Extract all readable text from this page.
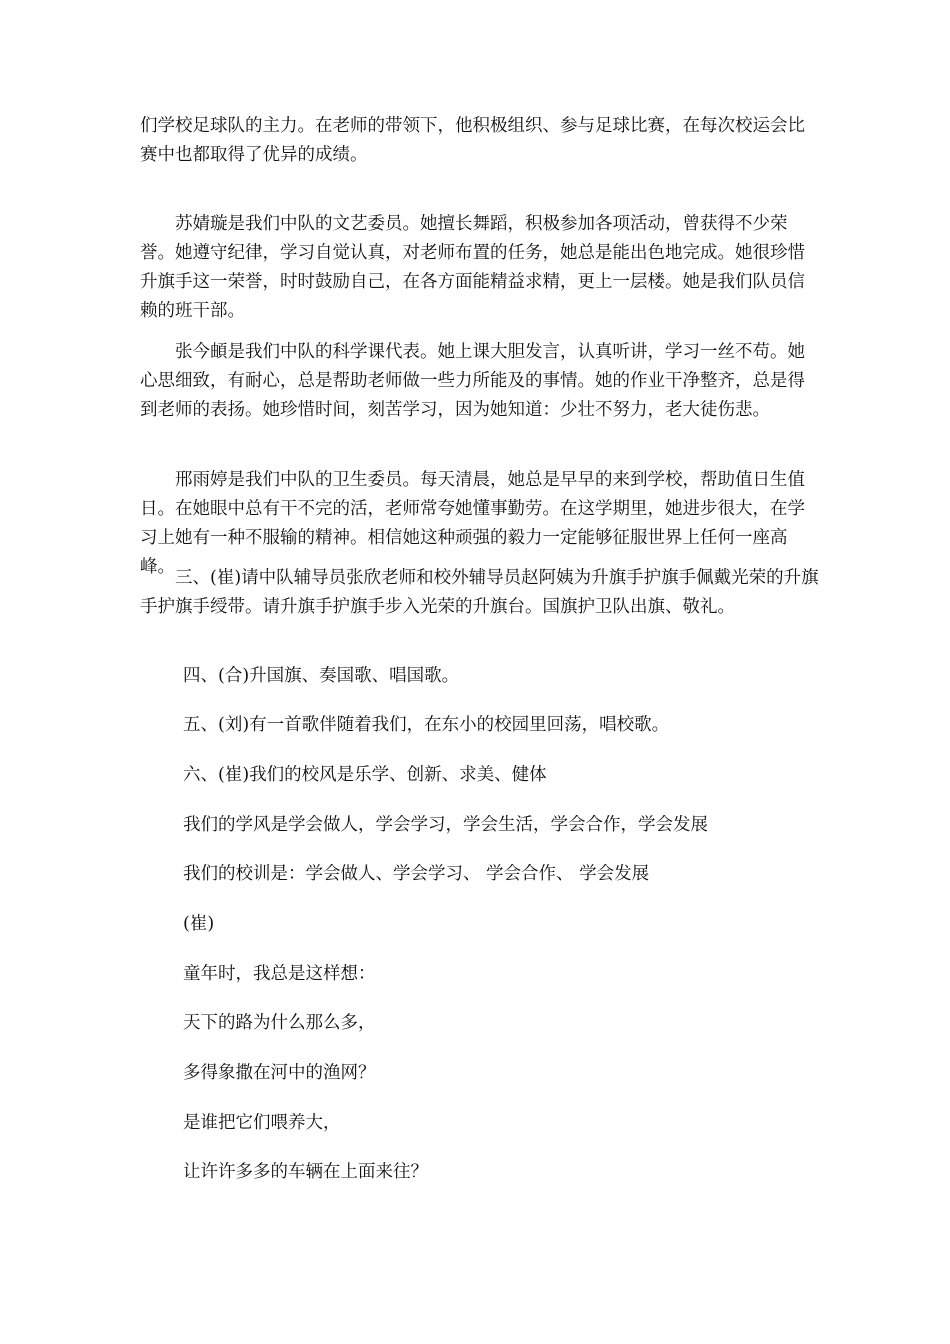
们学校足球队的主力。在老师的带领下，他积极组织、参与足球比赛，在每次校运会比赛中也都取得了优异的成绩。

苏婧璇是我们中队的文艺委员。她擅长舞蹈，积极参加各项活动，曾获得不少荣誉。她遵守纪律，学习自觉认真，对老师布置的任务，她总是能出色地完成。她很珍惜升旗手这一荣誉，时时鼓励自己，在各方面能精益求精，更上一层楼。她是我们队员信赖的班干部。

张今頔是我们中队的科学课代表。她上课大胆发言，认真听讲，学习一丝不苟。她心思细致，有耐心，总是帮助老师做一些力所能及的事情。她的作业干净整齐，总是得到老师的表扬。她珍惜时间，刻苦学习，因为她知道：少壮不努力，老大徒伤悲。

邢雨婷是我们中队的卫生委员。每天清晨，她总是早早的来到学校，帮助值日生值日。在她眼中总有干不完的活，老师常夸她懂事勤劳。在这学期里，她进步很大，在学习上她有一种不服输的精神。相信她这种顽强的毅力一定能够征服世界上任何一座高峰。

三、(崔)请中队辅导员张欣老师和校外辅导员赵阿姨为升旗手护旗手佩戴光荣的升旗手护旗手绶带。请升旗手护旗手步入光荣的升旗台。国旗护卫队出旗、敬礼。

四、(合)升国旗、奏国歌、唱国歌。

五、(刘)有一首歌伴随着我们，在东小的校园里回荡，唱校歌。

六、(崔)我们的校风是乐学、创新、求美、健体

我们的学风是学会做人，学会学习，学会生活，学会合作，学会发展

我们的校训是：学会做人、学会学习、 学会合作、 学会发展

(崔)

童年时，我总是这样想：

天下的路为什么那么多，

多得象撒在河中的渔网？

是谁把它们喂养大，

让许许多多的车辆在上面来往？
